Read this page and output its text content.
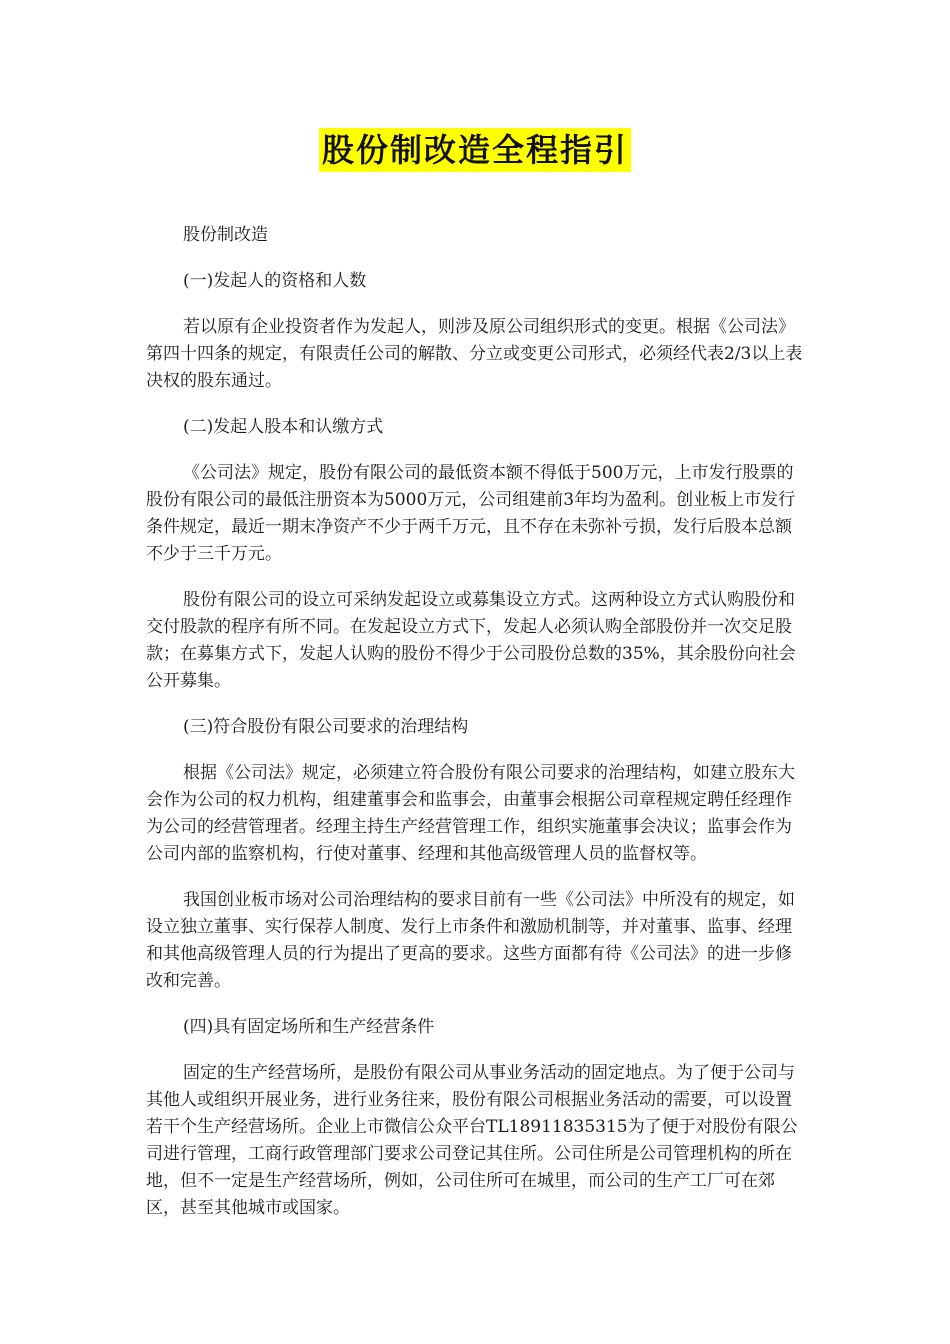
股份制改造全程指引

股份制改造

(一)发起人的资格和人数

若以原有企业投资者作为发起人，则涉及原公司组织形式的变更。根据《公司法》第四十四条的规定，有限责任公司的解散、分立或变更公司形式，必须经代表2/3以上表决权的股东通过。

(二)发起人股本和认缴方式

《公司法》规定，股份有限公司的最低资本额不得低于500万元，上市发行股票的股份有限公司的最低注册资本为5000万元，公司组建前3年均为盈利。创业板上市发行条件规定，最近一期末净资产不少于两千万元，且不存在未弥补亏损，发行后股本总额不少于三千万元。

股份有限公司的设立可采纳发起设立或募集设立方式。这两种设立方式认购股份和交付股款的程序有所不同。在发起设立方式下，发起人必须认购全部股份并一次交足股款；在募集方式下，发起人认购的股份不得少于公司股份总数的35%，其余股份向社会公开募集。

(三)符合股份有限公司要求的治理结构

根据《公司法》规定，必须建立符合股份有限公司要求的治理结构，如建立股东大会作为公司的权力机构，组建董事会和监事会，由董事会根据公司章程规定聘任经理作为公司的经营管理者。经理主持生产经营管理工作，组织实施董事会决议；监事会作为公司内部的监察机构，行使对董事、经理和其他高级管理人员的监督权等。

我国创业板市场对公司治理结构的要求目前有一些《公司法》中所没有的规定，如设立独立董事、实行保荐人制度、发行上市条件和激励机制等，并对董事、监事、经理和其他高级管理人员的行为提出了更高的要求。这些方面都有待《公司法》的进一步修改和完善。

(四)具有固定场所和生产经营条件

固定的生产经营场所，是股份有限公司从事业务活动的固定地点。为了便于公司与其他人或组织开展业务，进行业务往来，股份有限公司根据业务活动的需要，可以设置若干个生产经营场所。企业上市微信公众平台TL18911835315为了便于对股份有限公司进行管理，工商行政管理部门要求公司登记其住所。公司住所是公司管理机构的所在地，但不一定是生产经营场所，例如，公司住所可在城里，而公司的生产工厂可在郊区，甚至其他城市或国家。
